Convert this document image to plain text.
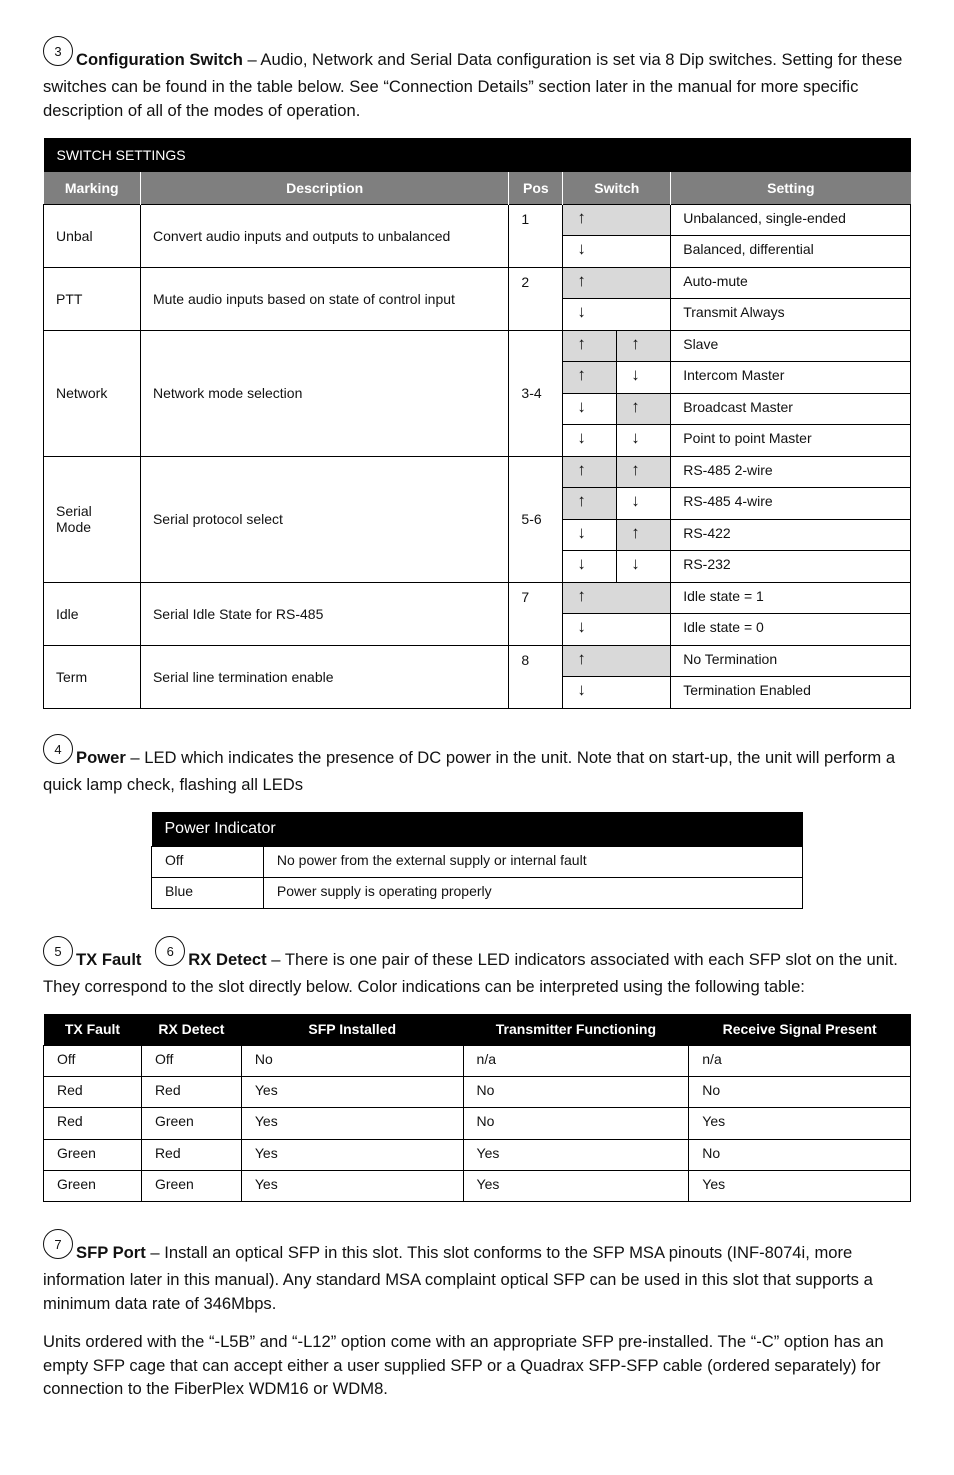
3 Configuration Switch – Audio, Network and Serial Data configuration is set via 8 Dip switches. Setting for these switches can be found in the table below. See “Connection Details” section later in the manual for more specific description of all of the modes of operation.

SWITCH SETTINGS					
Marking	Description	Pos	Switch		Setting
Unbal	Convert audio inputs and outputs to unbalanced	1	↑		Unbalanced, single-ended
			↓		Balanced, differential
PTT	Mute audio inputs based on state of control input	2	↑		Auto-mute
			↓		Transmit Always
Network	Network mode selection	3-4	↑	↑	Slave
			↑	↓	Intercom Master
			↓	↑	Broadcast Master
			↓	↓	Point to point Master
Serial Mode	Serial protocol select	5-6	↑	↑	RS-485 2-wire
			↑	↓	RS-485 4-wire
			↓	↑	RS-422
			↓	↓	RS-232
Idle	Serial Idle State for RS-485	7	↑		Idle state = 1
			↓		Idle state = 0
Term	Serial line termination enable	8	↑		No Termination
			↓		Termination Enabled

4 Power – LED which indicates the presence of DC power in the unit. Note that on start-up, the unit will perform a quick lamp check, flashing all LEDs

Power Indicator	
Off	No power from the external supply or internal fault
Blue	Power supply is operating properly

5 TX Fault 6 RX Detect – There is one pair of these LED indicators associated with each SFP slot on the unit. They correspond to the slot directly below. Color indications can be interpreted using the following table:

TX Fault	RX Detect	SFP Installed	Transmitter Functioning	Receive Signal Present
Off	Off	No	n/a	n/a
Red	Red	Yes	No	No
Red	Green	Yes	No	Yes
Green	Red	Yes	Yes	No
Green	Green	Yes	Yes	Yes

7 SFP Port – Install an optical SFP in this slot. This slot conforms to the SFP MSA pinouts (INF-8074i, more information later in this manual). Any standard MSA complaint optical SFP can be used in this slot that supports a minimum data rate of 346Mbps.

Units ordered with the “-L5B” and “-L12” option come with an appropriate SFP pre-installed. The “-C” option has an empty SFP cage that can accept either a user supplied SFP or a Quadrax SFP-SFP cable (ordered separately) for connection to the FiberPlex WDM16 or WDM8.
